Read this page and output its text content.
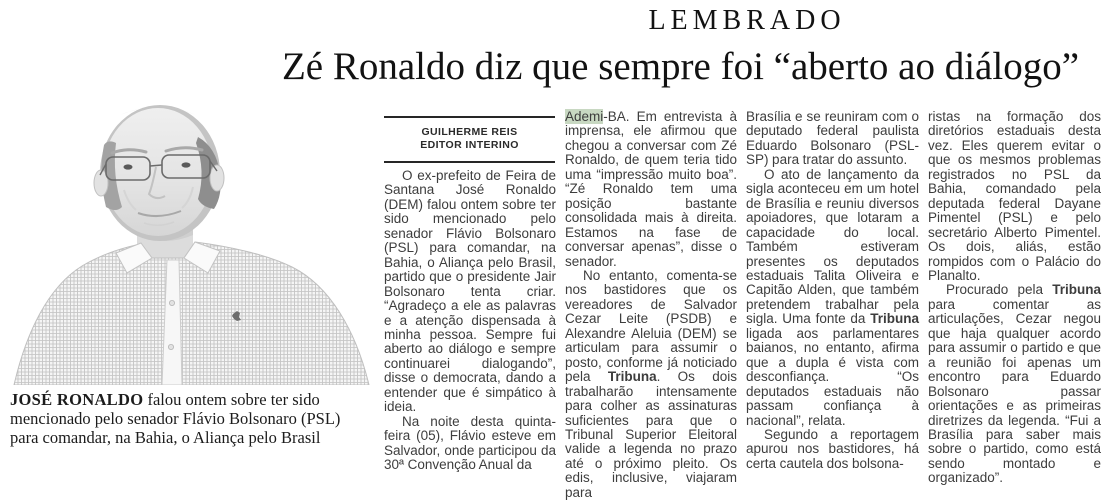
LEMBRADO
Zé Ronaldo diz que sempre foi “aberto ao diálogo”

JOSÉ RONALDO falou ontem sobre ter sido mencionado pelo senador Flávio Bolsonaro (PSL) para comandar, na Bahia, o Aliança pelo Brasil

GUILHERME REIS
EDITOR INTERINO

O ex-prefeito de Feira de Santana José Ronaldo (DEM) falou ontem sobre ter sido mencionado pelo senador Flávio Bolsonaro (PSL) para comandar, na Bahia, o Aliança pelo Brasil, partido que o presidente Jair Bolsonaro tenta criar. “Agradeço a ele as palavras e a atenção dispensada à minha pessoa. Sempre fui aberto ao diálogo e sempre continuarei dialogando”, disse o democrata, dando a entender que é simpático à ideia.

Na noite desta quinta-feira (05), Flávio esteve em Salvador, onde participou da 30ª Convenção Anual da

Ademi-BA. Em entrevista à imprensa, ele afirmou que chegou a conversar com Zé Ronaldo, de quem teria tido uma “impressão muito boa”. “Zé Ronaldo tem uma posição bastante consolidada mais à direita. Estamos na fase de conversar apenas”, disse o senador.

No entanto, comenta-se nos bastidores que os vereadores de Salvador Cezar Leite (PSDB) e Alexandre Aleluia (DEM) se articulam para assumir o posto, conforme já noticiado pela Tribuna. Os dois trabalharão intensamente para colher as assinaturas suficientes para que o Tribunal Superior Eleitoral valide a legenda no prazo até o próximo pleito. Os edis, inclusive, viajaram para

Brasília e se reuniram com o deputado federal paulista Eduardo Bolsonaro (PSL-SP) para tratar do assunto.

O ato de lançamento da sigla aconteceu em um hotel de Brasília e reuniu diversos apoiadores, que lotaram a capacidade do local. Também estiveram presentes os deputados estaduais Talita Oliveira e Capitão Alden, que também pretendem trabalhar pela sigla. Uma fonte da Tribuna ligada aos parlamentares baianos, no entanto, afirma que a dupla é vista com desconfiança. “Os deputados estaduais não passam confiança à nacional”, relata.

Segundo a reportagem apurou nos bastidores, há certa cautela dos bolsona-

ristas na formação dos diretórios estaduais desta vez. Eles querem evitar o que os mesmos problemas registrados no PSL da Bahia, comandado pela deputada federal Dayane Pimentel (PSL) e pelo secretário Alberto Pimentel. Os dois, aliás, estão rompidos com o Palácio do Planalto.

Procurado pela Tribuna para comentar as articulações, Cezar negou que haja qualquer acordo para assumir o partido e que a reunião foi apenas um encontro para Eduardo Bolsonaro passar orientações e as primeiras diretrizes da legenda. “Fui a Brasília para saber mais sobre o partido, como está sendo montado e organizado”.
